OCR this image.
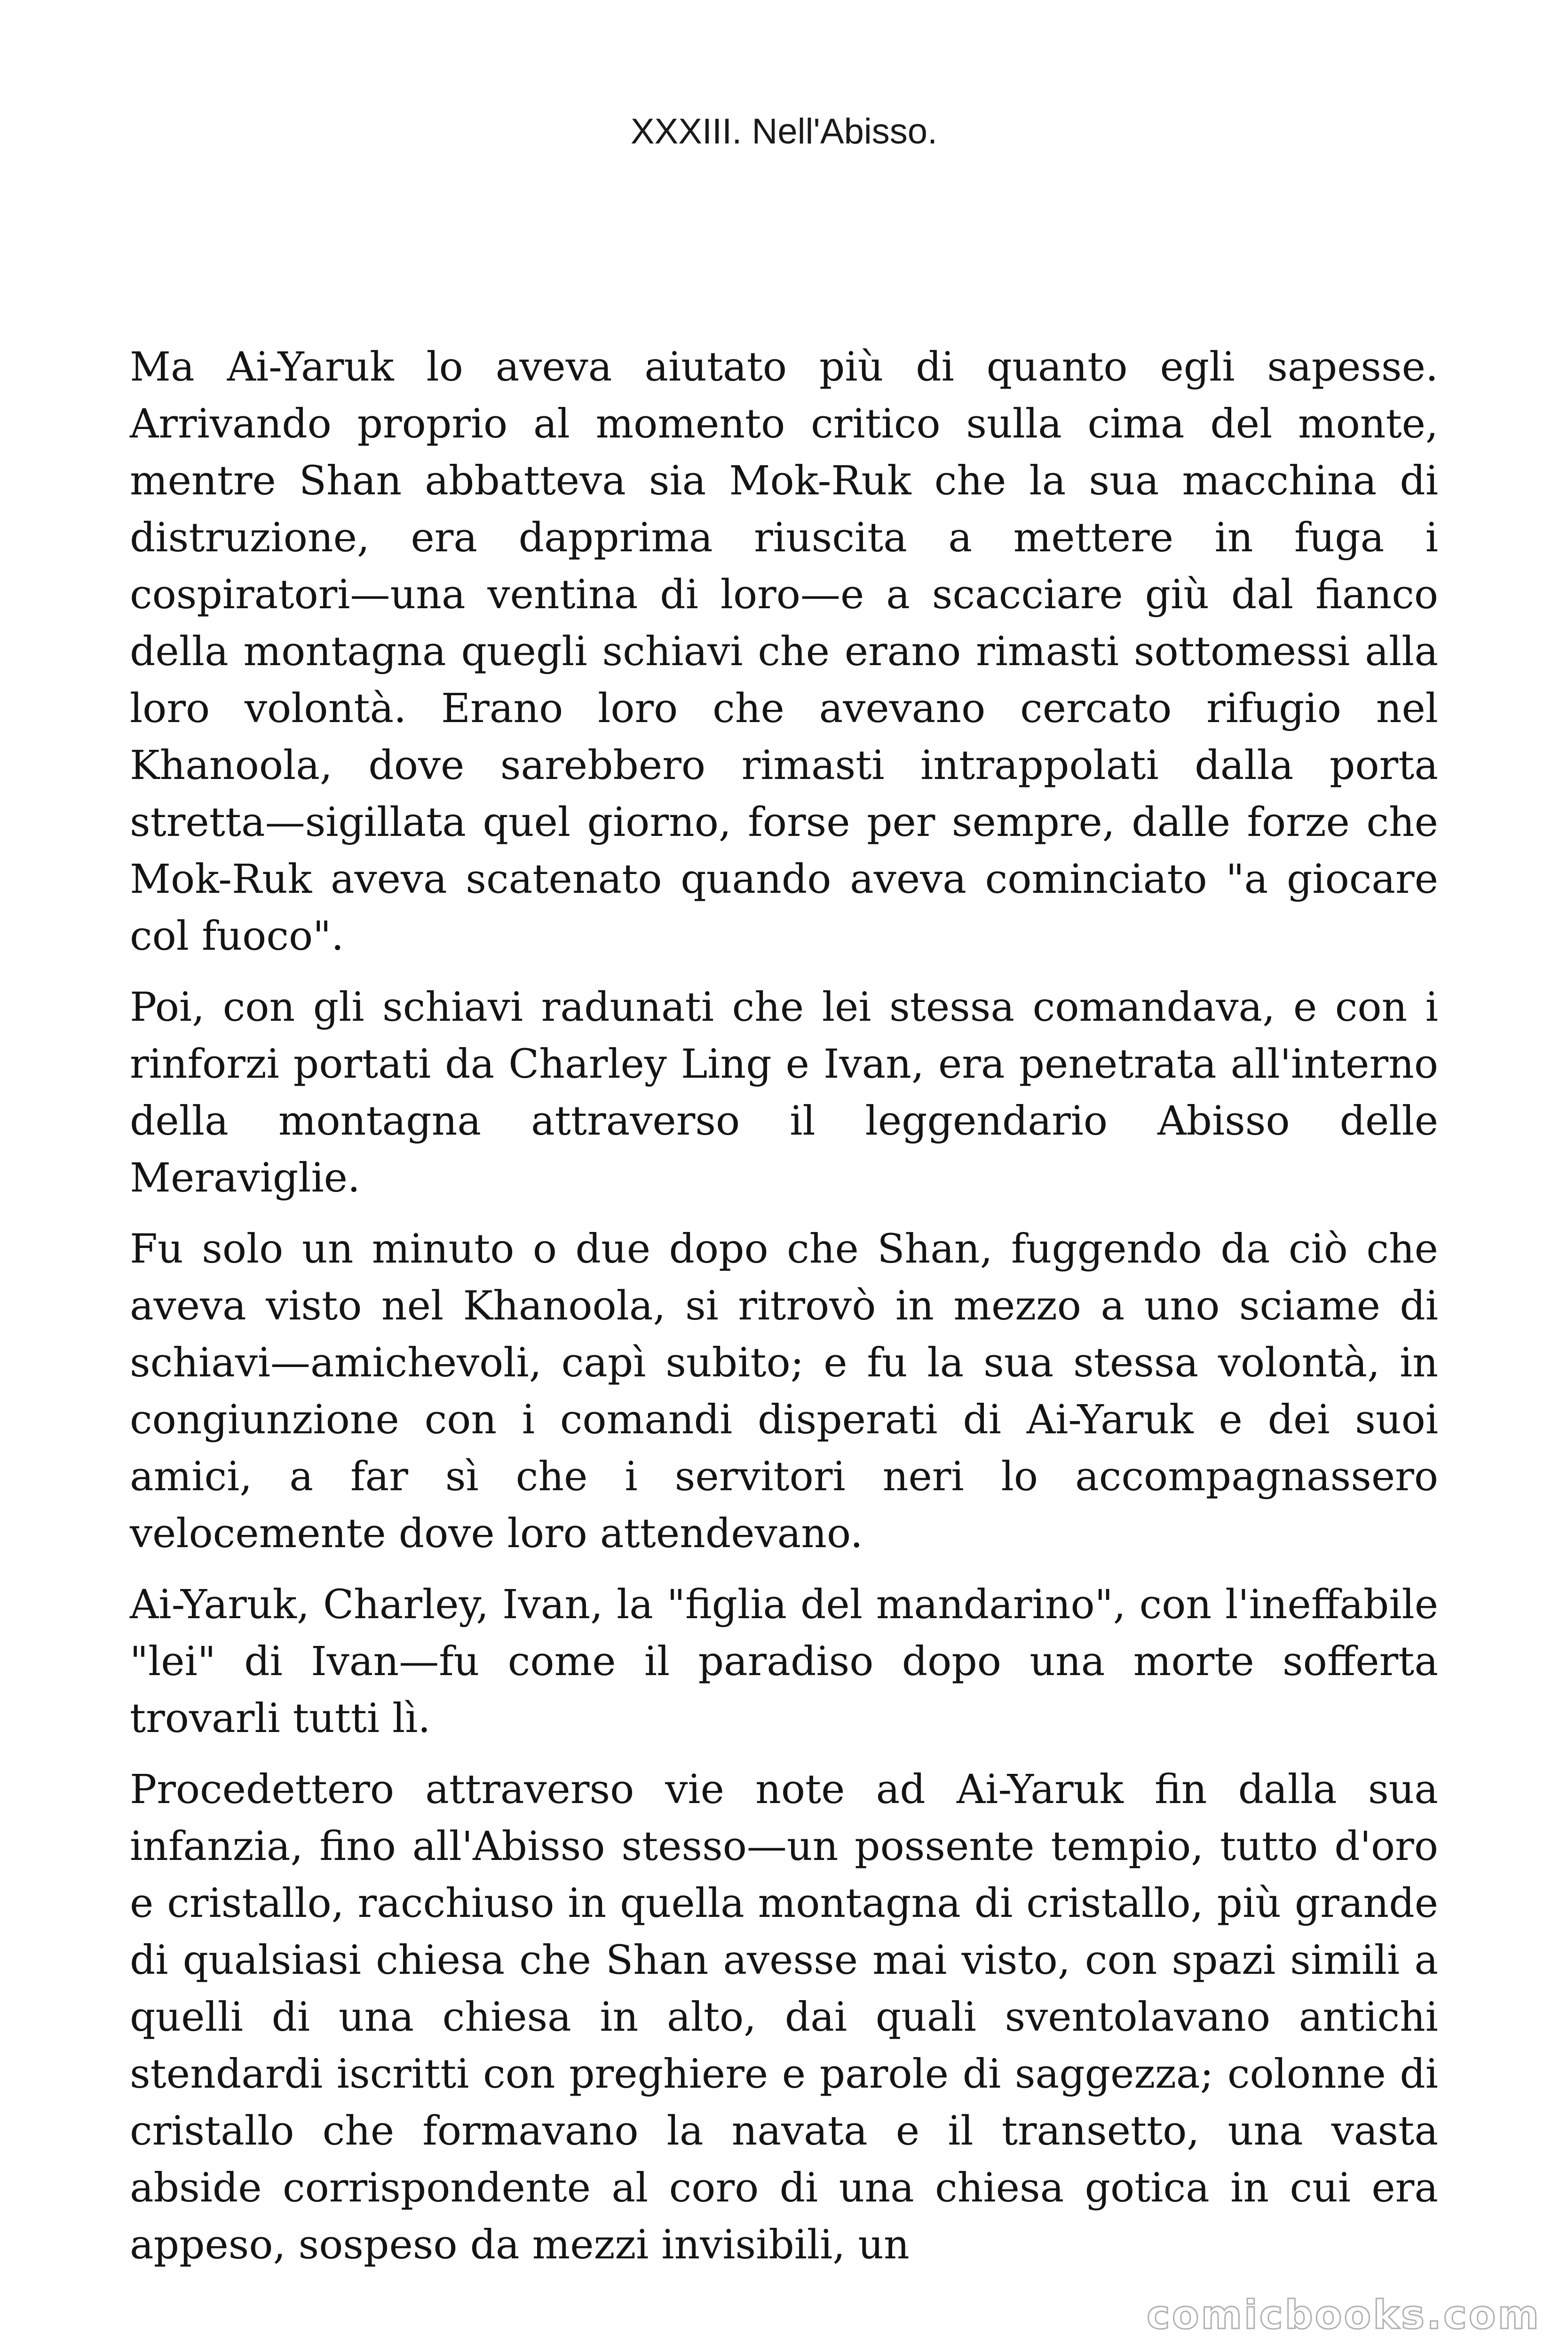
XXXIII. Nell'Abisso.

Ma Ai-Yaruk lo aveva aiutato più di quanto egli sapesse. Arrivando proprio al momento critico sulla cima del monte, mentre Shan abbatteva sia Mok-Ruk che la sua macchina di distruzione, era dapprima riuscita a mettere in fuga i cospiratori—una ventina di loro—e a scacciare giù dal fianco della montagna quegli schiavi che erano rimasti sottomessi alla loro volontà. Erano loro che avevano cercato rifugio nel Khanoola, dove sarebbero rimasti intrappolati dalla porta stretta—sigillata quel giorno, forse per sempre, dalle forze che Mok-Ruk aveva scatenato quando aveva cominciato "a giocare col fuoco".

Poi, con gli schiavi radunati che lei stessa comandava, e con i rinforzi portati da Charley Ling e Ivan, era penetrata all'interno della montagna attraverso il leggendario Abisso delle Meraviglie.

Fu solo un minuto o due dopo che Shan, fuggendo da ciò che aveva visto nel Khanoola, si ritrovò in mezzo a uno sciame di schiavi—amichevoli, capì subito; e fu la sua stessa volontà, in congiunzione con i comandi disperati di Ai-Yaruk e dei suoi amici, a far sì che i servitori neri lo accompagnassero velocemente dove loro attendevano.

Ai-Yaruk, Charley, Ivan, la "figlia del mandarino", con l'ineffabile "lei" di Ivan—fu come il paradiso dopo una morte sofferta trovarli tutti lì.

Procedettero attraverso vie note ad Ai-Yaruk fin dalla sua infanzia, fino all'Abisso stesso—un possente tempio, tutto d'oro e cristallo, racchiuso in quella montagna di cristallo, più grande di qualsiasi chiesa che Shan avesse mai visto, con spazi simili a quelli di una chiesa in alto, dai quali sventolavano antichi stendardi iscritti con preghiere e parole di saggezza; colonne di cristallo che formavano la navata e il transetto, una vasta abside corrispondente al coro di una chiesa gotica in cui era appeso, sospeso da mezzi invisibili, un

comicbooks.com
